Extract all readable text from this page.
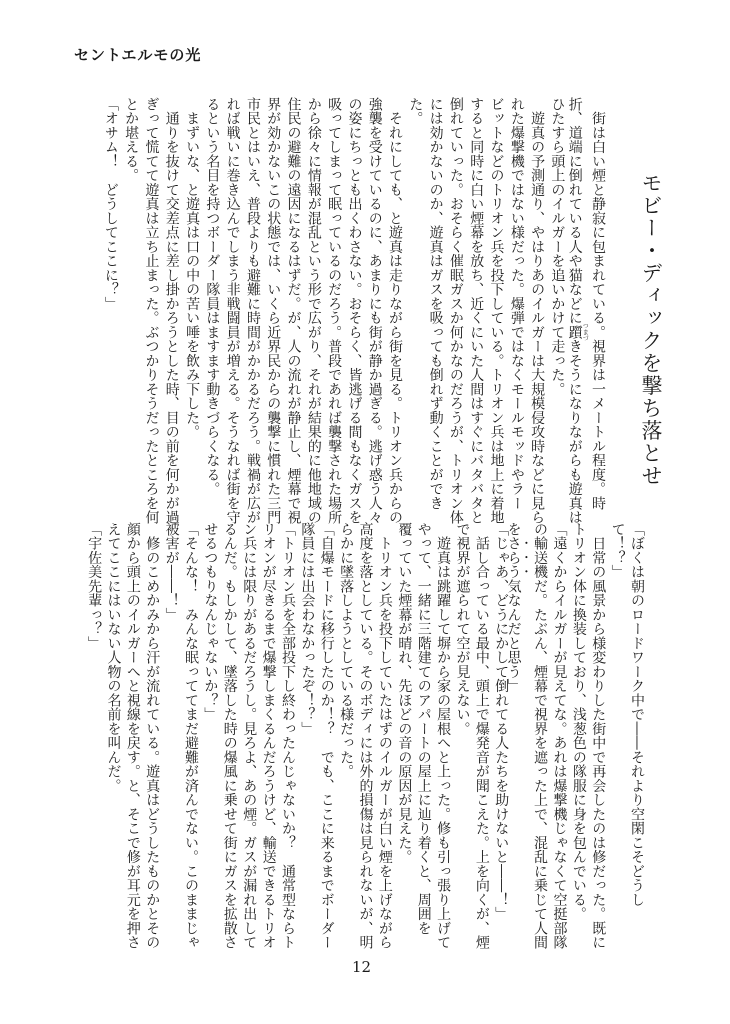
セントエルモの光
モビー・ディックを撃ち落とせ
　街は白い煙と静寂に包まれている。視界は一メートル程度。時
折、道端に倒れている人や猫などに躓つまづきそうになりながらも遊真は
ひたすら頭上のイルガーを追いかけて走った。
　遊真の予測通り、やはりあのイルガーは大規模侵攻時などに見ら
れた爆撃機ではない様だった。爆弾ではなくモールモッドやラー
ビットなどのトリオン兵を投下している。トリオン兵は地上に着地
すると同時に白い煙幕を放ち、近くにいた人間はすぐにバタバタと
倒れていった。おそらく催眠ガスか何かなのだろうが、トリオン体
には効かないのか、遊真はガスを吸っても倒れず動くことができ
た。
　それにしても、と遊真は走りながら街を見る。トリオン兵からの
強襲を受けているのに、あまりにも街が静か過ぎる。逃げ惑う人々
の姿にちっとも出くわさない。おそらく、皆逃げる間もなくガスを
吸ってしまって眠っているのだろう。普段であれば襲撃された場所
から徐々に情報が混乱という形で広がり、それが結果的に他地域の
住民の避難の遠因になるはずだ。が、人の流れが静止し、煙幕で視
界が効かないこの状態では、いくら近界民からの襲撃に慣れた三門
市民とはいえ、普段よりも避難に時間がかかるだろう。戦禍が広が
れば戦いに巻き込んでしまう非戦闘員が増える。そうなれば街を守
るという名目を持つボーダー隊員はますます動きづらくなる。
　まずいな、と遊真は口の中の苦い唾を飲み下した。
　通りを抜けて交差点に差し掛かろうとした時、目の前を何かが過
ぎって慌てて遊真は立ち止まった。ぶつかりそうだったところを何
とか堪える。
「オサム！　どうしてここに？」
「ぼくは朝のロードワーク中で――それより空閑こそどうし
て！？」
　日常の風景から様変わりした街中で再会したのは修だった。既に
トリオン体に換装しており、浅葱色の隊服に身を包んでいる。
「遠くからイルガーが見えてな。あれは爆撃機じゃなくて空挺部隊
の輸送機だ。たぶん、煙幕で視界を遮った上で、混乱に乗じて人間
をさらう気なんだと思う」
「じゃあ、どうにかして倒れてる人たちを助けないと――！」
　話し合っている最中、頭上で爆発音が聞こえた。上を向くが、煙
で視界が遮られて空が見えない。
　遊真は跳躍して塀から家の屋根へと上った。修も引っ張り上げて
やって、一緒に三階建てのアパートの屋上に辿り着くと、周囲を
覆っていた煙幕が晴れ、先ほどの音の原因が見えた。
　トリオン兵を投下していたはずのイルガーが白い煙を上げながら
高度を落としている。そのボディには外的損傷は見られないが、明
らかに墜落しようとしている様だった。
「自爆モードに移行したのか！？　でも、ここに来るまでボーダー
隊員には出会わなかったぞ！？」
「トリオン兵を全部投下し終わったんじゃないか？　通常型ならト
リオンが尽きるまで爆撃しまくるんだろうけど、輸送できるトリオ
ン兵には限りがあるだろうし。見ろよ、あの煙。ガスが漏れ出して
るんだ。もしかして、墜落した時の爆風に乗せて街にガスを拡散さ
せるつもりなんじゃないか？」
「そんな！　みんな眠っててまだ避難が済んでない。このままじゃ
被害が――！」
　修のこめかみから汗が流れている。遊真はどうしたものかとその
顔から頭上のイルガーへと視線を戻す。と、そこで修が耳元を押さ
えてここにはいない人物の名前を叫んだ。
「宇佐美先輩っ？」
12
